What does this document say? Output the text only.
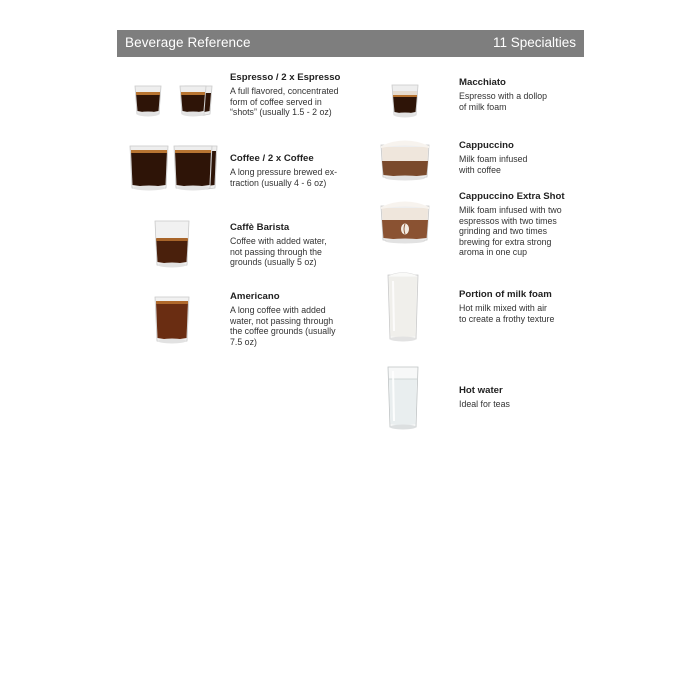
Beverage Reference	11 Specialties
Espresso / 2 x Espresso
A full flavored, concentrated
form of coffee served in
“shots” (usually 1.5 - 2 oz)
Coffee / 2 x Coffee
A long pressure brewed ex-
traction (usually 4 - 6 oz)
Caffè Barista
Coffee with added water,
not passing through the
grounds (usually 5 oz)
Americano
A long coffee with added
water, not passing through
the coffee grounds (usually
7.5 oz)
Macchiato
Espresso with a dollop
of milk foam
Cappuccino
Milk foam infused
with coffee
Cappuccino Extra Shot
Milk foam infused with two
espressos with two times
grinding and two times
brewing for extra strong
aroma in one cup
Portion of milk foam
Hot milk mixed with air
to create a frothy texture
Hot water
Ideal for teas
